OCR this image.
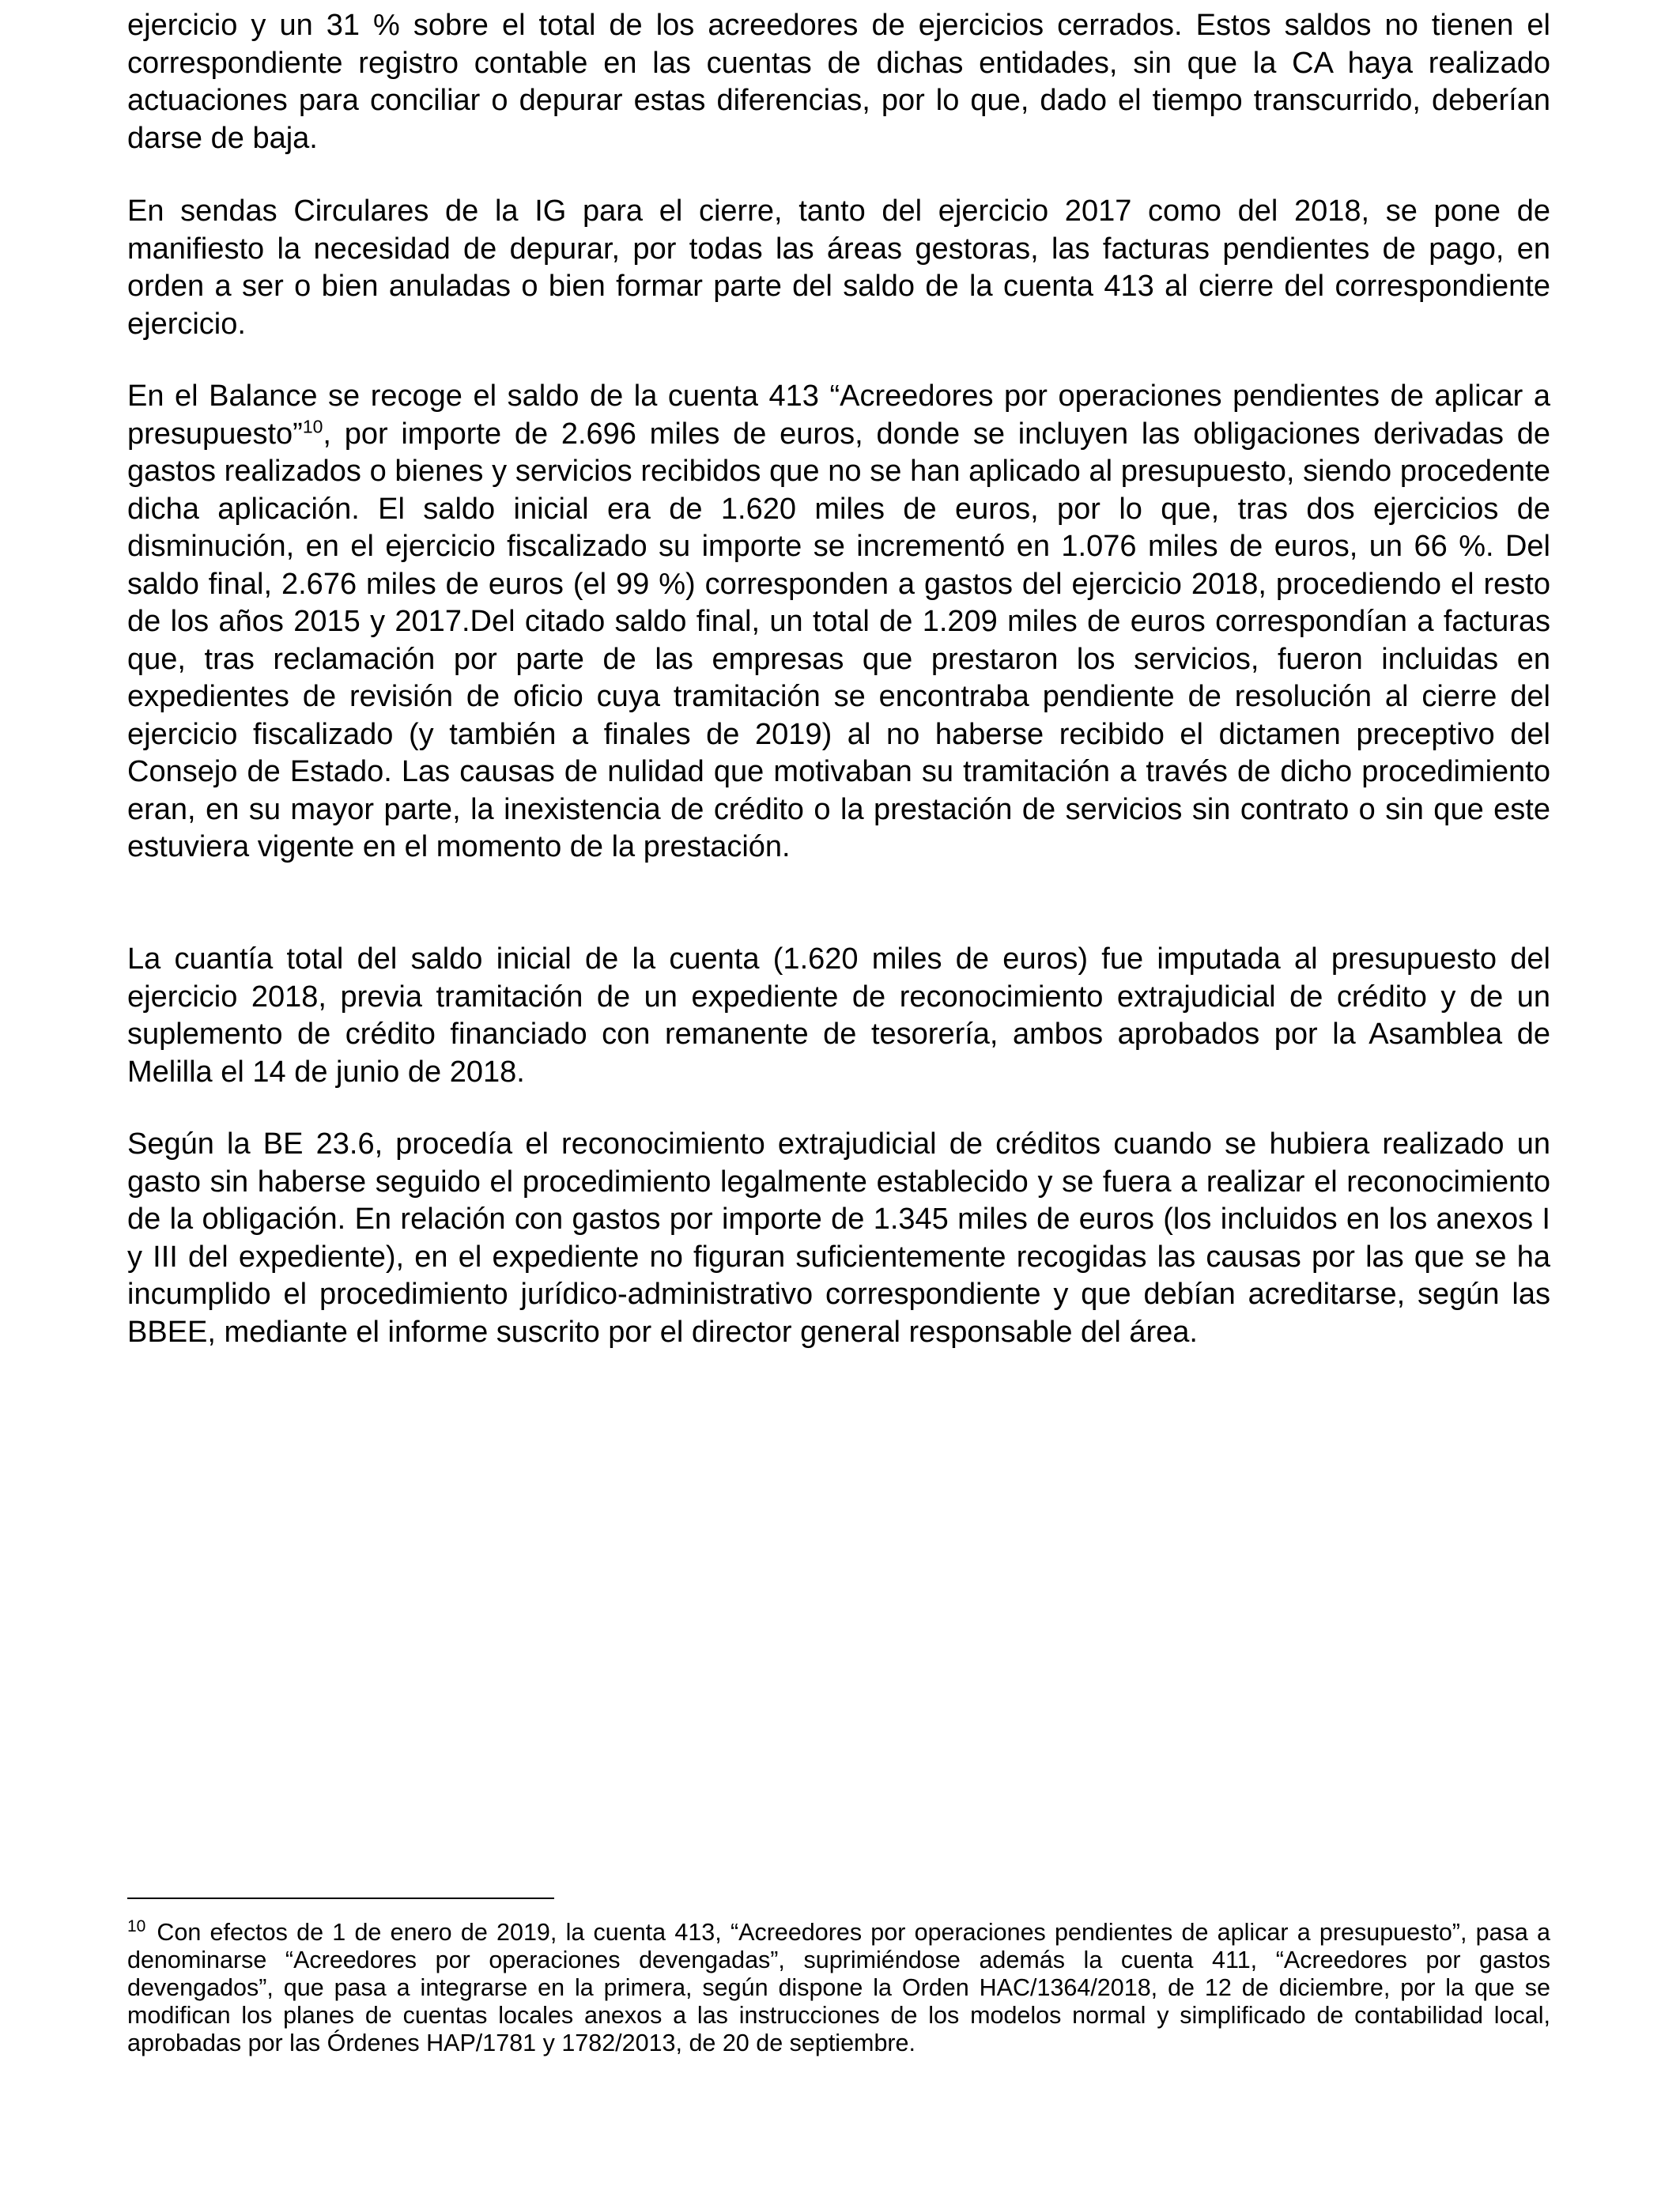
ejercicio y un 31 % sobre el total de los acreedores de ejercicios cerrados. Estos saldos no tienen el correspondiente registro contable en las cuentas de dichas entidades, sin que la CA haya realizado actuaciones para conciliar o depurar estas diferencias, por lo que, dado el tiempo transcurrido, deberían darse de baja.

En sendas Circulares de la IG para el cierre, tanto del ejercicio 2017 como del 2018, se pone de manifiesto la necesidad de depurar, por todas las áreas gestoras, las facturas pendientes de pago, en orden a ser o bien anuladas o bien formar parte del saldo de la cuenta 413 al cierre del correspondiente ejercicio.

En el Balance se recoge el saldo de la cuenta 413 “Acreedores por operaciones pendientes de aplicar a presupuesto”$^{10}$, por importe de 2.696 miles de euros, donde se incluyen las obligaciones derivadas de gastos realizados o bienes y servicios recibidos que no se han aplicado al presupuesto, siendo procedente dicha aplicación. El saldo inicial era de 1.620 miles de euros, por lo que, tras dos ejercicios de disminución, en el ejercicio fiscalizado su importe se incrementó en 1.076 miles de euros, un 66 %. Del saldo final, 2.676 miles de euros (el 99 %) corresponden a gastos del ejercicio 2018, procediendo el resto de los años 2015 y 2017.Del citado saldo final, un total de 1.209 miles de euros correspondían a facturas que, tras reclamación por parte de las empresas que prestaron los servicios, fueron incluidas en expedientes de revisión de oficio cuya tramitación se encontraba pendiente de resolución al cierre del ejercicio fiscalizado (y también a finales de 2019) al no haberse recibido el dictamen preceptivo del Consejo de Estado. Las causas de nulidad que motivaban su tramitación a través de dicho procedimiento eran, en su mayor parte, la inexistencia de crédito o la prestación de servicios sin contrato o sin que este estuviera vigente en el momento de la prestación.

La cuantía total del saldo inicial de la cuenta (1.620 miles de euros) fue imputada al presupuesto del ejercicio 2018, previa tramitación de un expediente de reconocimiento extrajudicial de crédito y de un suplemento de crédito financiado con remanente de tesorería, ambos aprobados por la Asamblea de Melilla el 14 de junio de 2018.

Según la BE 23.6, procedía el reconocimiento extrajudicial de créditos cuando se hubiera realizado un gasto sin haberse seguido el procedimiento legalmente establecido y se fuera a realizar el reconocimiento de la obligación. En relación con gastos por importe de 1.345 miles de euros (los incluidos en los anexos I y III del expediente), en el expediente no figuran suficientemente recogidas las causas por las que se ha incumplido el procedimiento jurídico-administrativo correspondiente y que debían acreditarse, según las BBEE, mediante el informe suscrito por el director general responsable del área.

$^{10}$ Con efectos de 1 de enero de 2019, la cuenta 413, “Acreedores por operaciones pendientes de aplicar a presupuesto”, pasa a denominarse “Acreedores por operaciones devengadas”, suprimiéndose además la cuenta 411, “Acreedores por gastos devengados”, que pasa a integrarse en la primera, según dispone la Orden HAC/1364/2018, de 12 de diciembre, por la que se modifican los planes de cuentas locales anexos a las instrucciones de los modelos normal y simplificado de contabilidad local, aprobadas por las Órdenes HAP/1781 y 1782/2013, de 20 de septiembre.
